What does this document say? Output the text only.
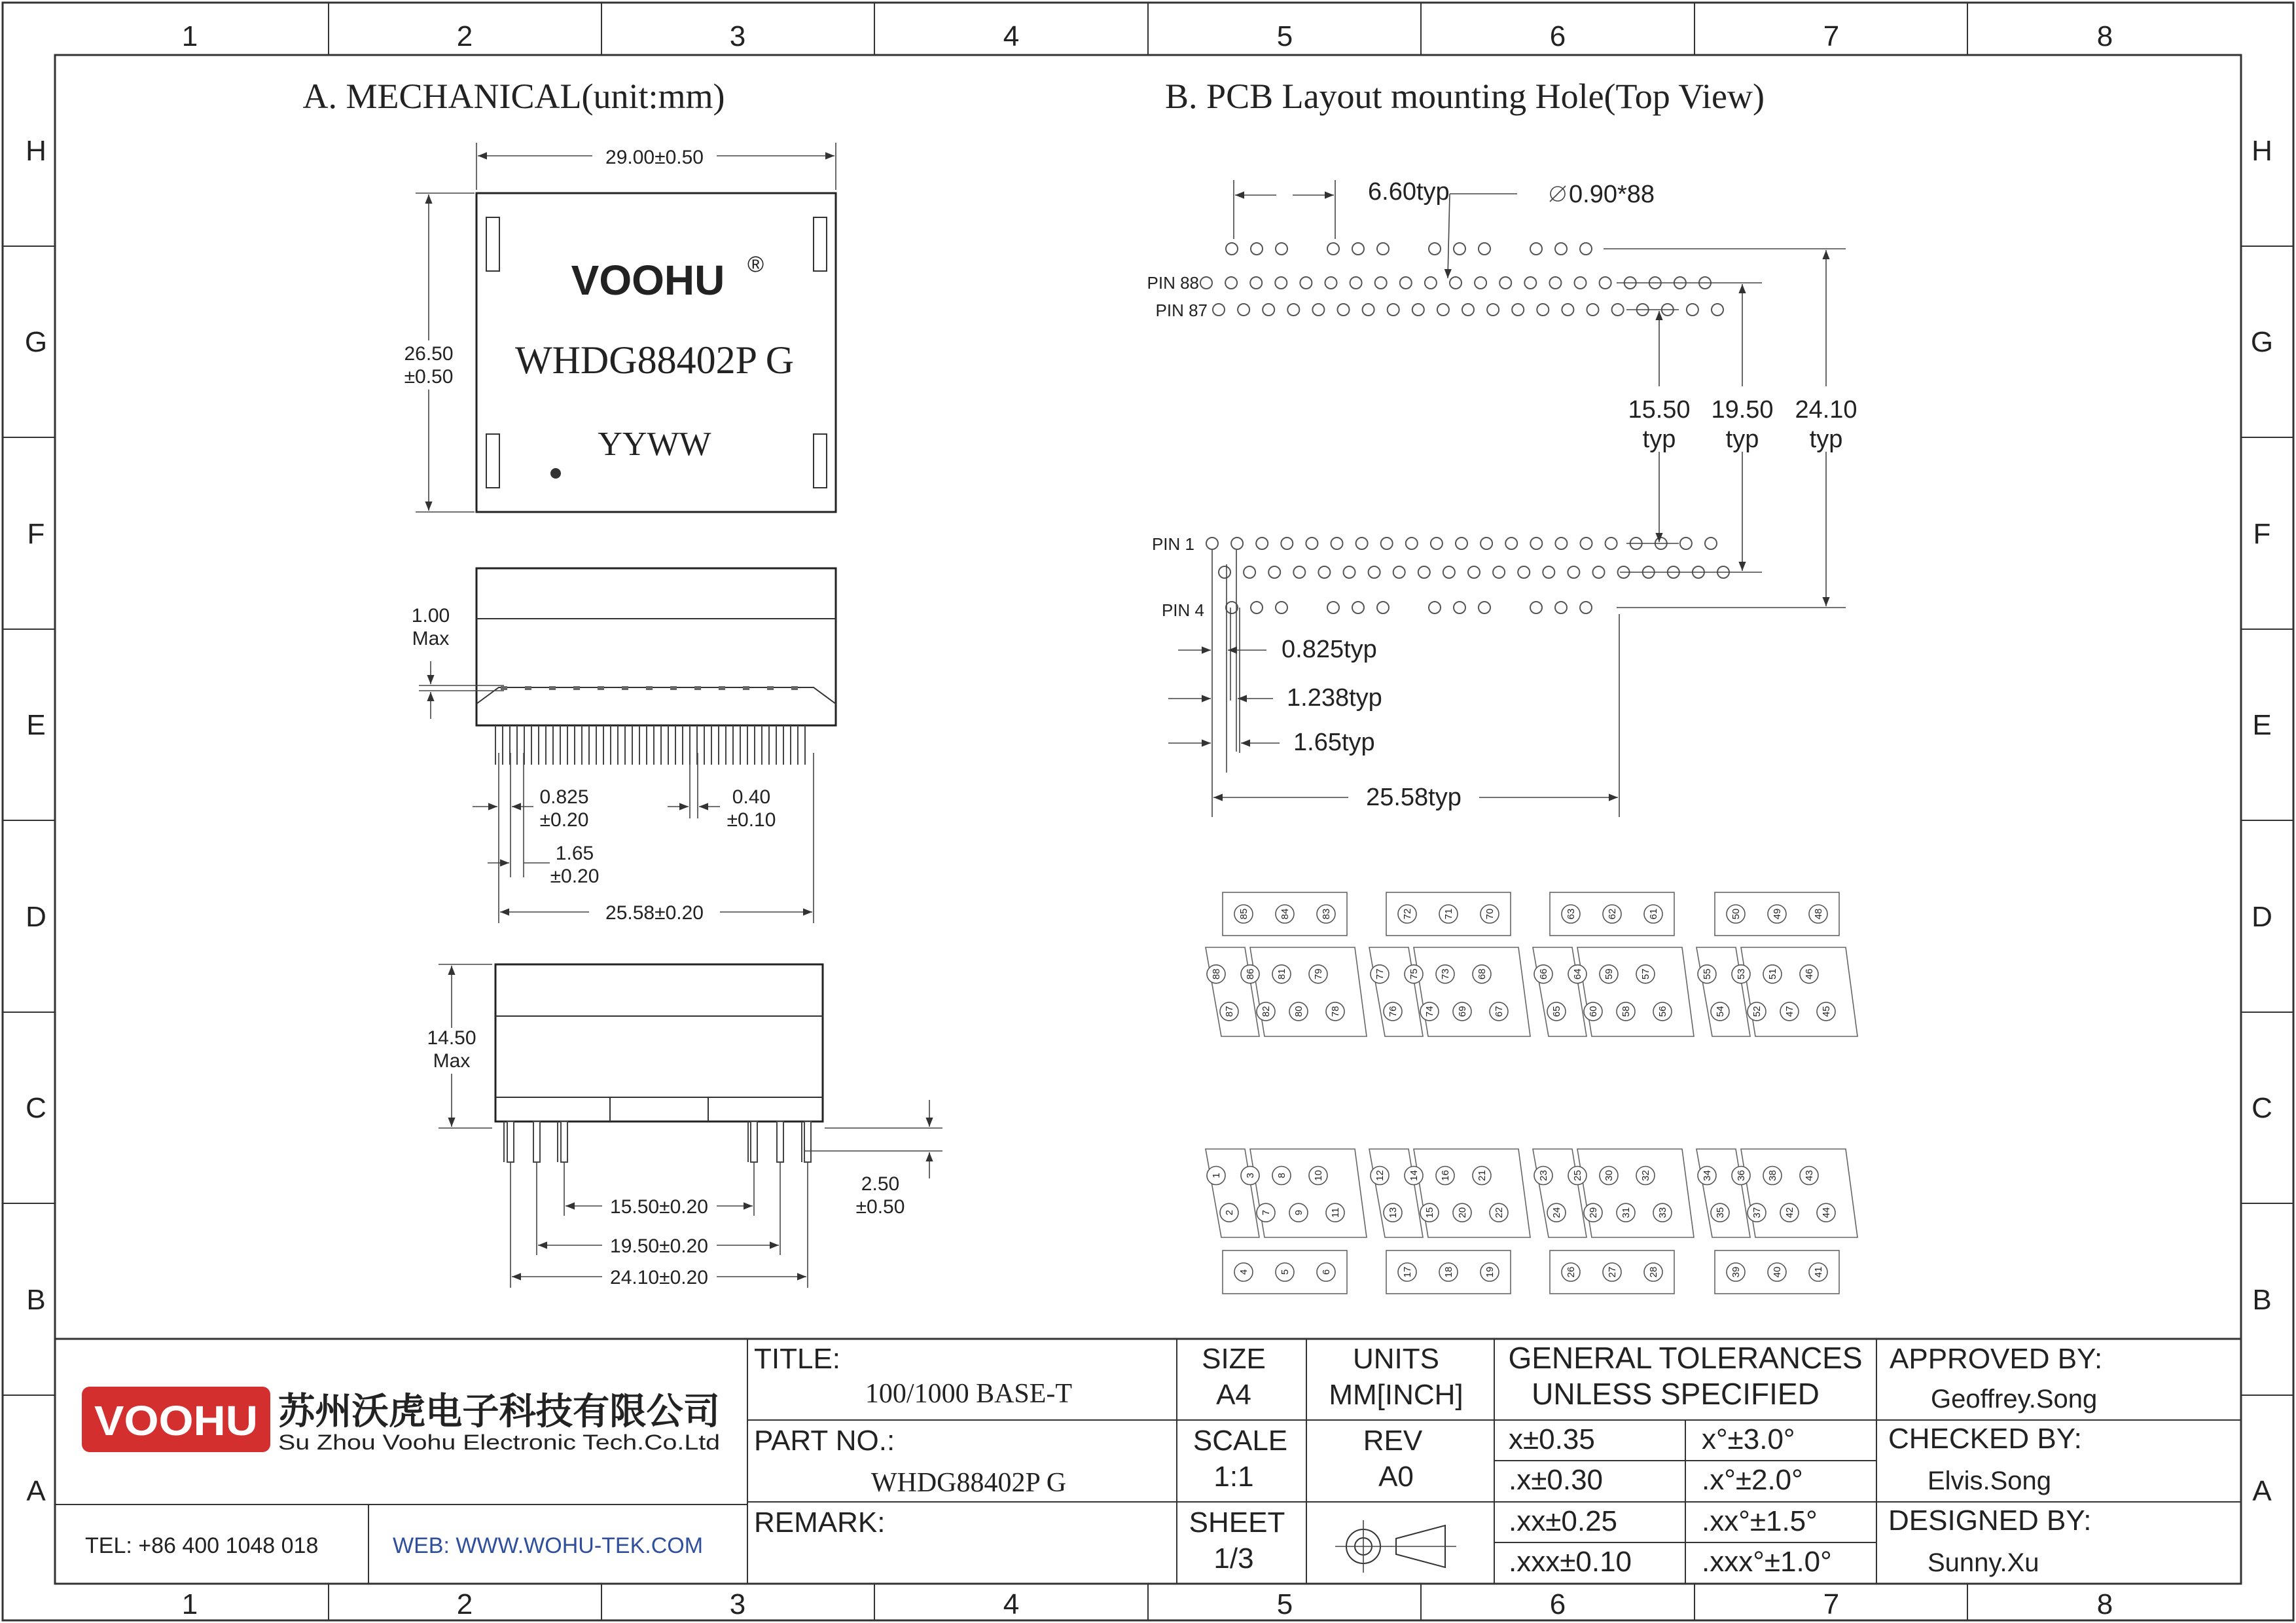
1
1
2
2
3
3
4
4
5
5
6
6
7
7
8
8
H	H
G	G
F	F
E	E
D	D
C	C
B	B
A	A
A. MECHANICAL(unit:mm)
VOOHU ®
WHDG88402P G
YYWW
29.00±0.50
26.50
±0.50
1.00
Max
0.825
±0.20
0.40
±0.10
1.65
±0.20
25.58±0.20
14.50
Max
2.50
±0.50
15.50±0.20
19.50±0.20
24.10±0.20
B. PCB Layout mounting Hole(Top View)
PIN 88
PIN 87
PIN 1
PIN 4
6.60typ	0.90*88
15.50
typ
19.50
typ
24.10
typ
0.825typ
1.238typ
1.65typ
25.58typ
85	84	83
88 86 81	79
87	82 80	78
72	71	70
77 75 73	68
76	74 69	67
63	62	61
66 64 59	57
65	60 58	56
50	49	48
55 53 51	46
54	52 47	45
1 3 8	10
2	7 9	11
4	5	6
12 14 16	21
13	15 20	22
17	18	19
23 25 30	32
24	29 31	33
26	27	28
34 36 38	43
35	37 42	44
39	40	41
VOOHU 苏州沃虎电子科技有限公司
Su Zhou Voohu Electronic Tech.Co.Ltd
TEL: +86 400 1048 018	WEB: WWW.WOHU-TEK.COM
TITLE:
100/1000 BASE-T
PART NO.:
WHDG88402P G
REMARK:
SIZE
A4
SCALE
1:1
SHEET
1/3
UNITS
MM[INCH]
REV
A0
GENERAL TOLERANCES
UNLESS SPECIFIED
x±0.35	x°±3.0°
.x±0.30	.x°±2.0°
.xx±0.25	.xx°±1.5°
.xxx±0.10 .xxx°±1.0°
APPROVED BY:
Geoffrey.Song
CHECKED BY:
Elvis.Song
DESIGNED BY:
Sunny.Xu
